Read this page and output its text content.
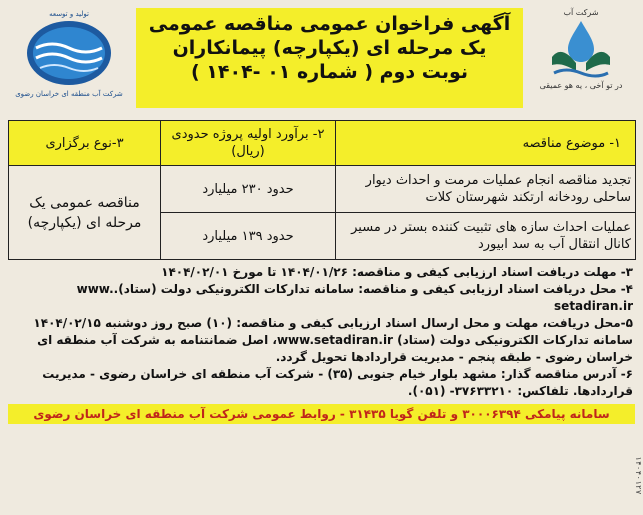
شرکت آب
در تو آخی ، یه هو عمیقی
آگهی فراخوان عمومی مناقصه عمومی
یک مرحله ای (یکپارچه) پیمانکاران
نوبت دوم ( شماره ۰۱ -۱۴۰۴ )
تولید و توسعه
شرکت آب منطقه ای خراسان رضوی
۱- موضوع مناقصه	۲- برآورد اولیه پروژه حدودی (ریال)	۳-نوع برگزاری
تجدید مناقصه انجام عملیات مرمت و احداث دیوار ساحلی رودخانه ارتکند شهرستان کلات	حدود ۲۳۰ میلیارد	مناقصه عمومی یک مرحله ای (یکپارچه)
عملیات احداث سازه های تثبیت کننده بستر در مسیر کانال انتقال آب به سد ابیورد	حدود ۱۳۹ میلیارد	

۳- مهلت دریافت اسناد ارزیابی کیفی و مناقصه: ۱۴۰۴/۰۱/۲۶ تا مورخ ۱۴۰۴/۰۲/۰۱

۴- محل دریافت اسناد ارزیابی کیفی و مناقصه: سامانه تدارکات الکترونیکی دولت (ستاد).www. setadiran.ir

۵-محل دریافت، مهلت و محل ارسال اسناد ارزیابی کیفی و مناقصه: (۱۰) صبح روز دوشنبه ۱۴۰۴/۰۲/۱۵ سامانه تدارکات الکترونیکی دولت (ستاد) www.setadiran.ir، اصل ضمانتنامه به شرکت آب منطقه ای خراسان رضوی - طبقه پنجم - مدیریت قراردادها تحویل گردد.

۶- آدرس مناقصه گذار: مشهد بلوار خیام جنوبی (۳۵) - شرکت آب منطقه ای خراسان رضوی - مدیریت قراردادها. تلفاکس: ۳۷۶۳۳۲۱۰- (۰۵۱).

سامانه پیامکی ۳۰۰۰۶۳۹۴ و تلفن گویا ۳۱۴۳۵ - روابط عمومی شرکت آب منطقه ای خراسان رضوی
۱۴۰۴۰۱۲۷
